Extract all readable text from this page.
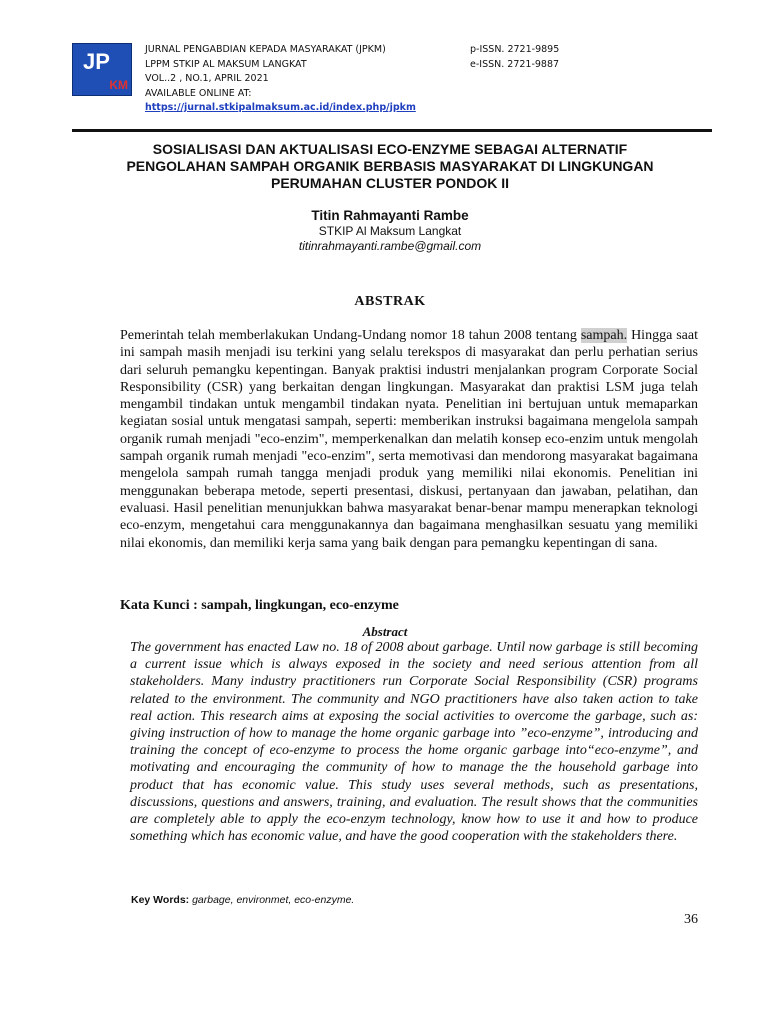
JP
KM
JURNAL PENGABDIAN KEPADA MASYARAKAT (JPKM)
LPPM STKIP AL MAKSUM LANGKAT
VOL..2 , NO.1, APRIL 2021
AVAILABLE ONLINE AT:
https://jurnal.stkipalmaksum.ac.id/index.php/jpkm
p-ISSN. 2721-9895
e-ISSN. 2721-9887
SOSIALISASI DAN AKTUALISASI ECO-ENZYME SEBAGAI ALTERNATIF
PENGOLAHAN SAMPAH ORGANIK BERBASIS MASYARAKAT DI LINGKUNGAN
PERUMAHAN CLUSTER PONDOK II
Titin Rahmayanti Rambe
STKIP Al Maksum Langkat
titinrahmayanti.rambe@gmail.com
ABSTRAK
Pemerintah telah memberlakukan Undang-Undang nomor 18 tahun 2008 tentang sampah. Hingga saat ini sampah masih menjadi isu terkini yang selalu terekspos di masyarakat dan perlu perhatian serius dari seluruh pemangku kepentingan. Banyak praktisi industri menjalankan program Corporate Social Responsibility (CSR) yang berkaitan dengan lingkungan. Masyarakat dan praktisi LSM juga telah mengambil tindakan untuk mengambil tindakan nyata. Penelitian ini bertujuan untuk memaparkan kegiatan sosial untuk mengatasi sampah, seperti: memberikan instruksi bagaimana mengelola sampah organik rumah menjadi "eco-enzim", memperkenalkan dan melatih konsep eco-enzim untuk mengolah sampah organik rumah menjadi "eco-enzim", serta memotivasi dan mendorong masyarakat bagaimana mengelola sampah rumah tangga menjadi produk yang memiliki nilai ekonomis. Penelitian ini menggunakan beberapa metode, seperti presentasi, diskusi, pertanyaan dan jawaban, pelatihan, dan evaluasi. Hasil penelitian menunjukkan bahwa masyarakat benar-benar mampu menerapkan teknologi eco-enzym, mengetahui cara menggunakannya dan bagaimana menghasilkan sesuatu yang memiliki nilai ekonomis, dan memiliki kerja sama yang baik dengan para pemangku kepentingan di sana.
Kata Kunci : sampah, lingkungan, eco-enzyme
Abstract
The government has enacted Law no. 18 of 2008 about garbage. Until now garbage is still becoming a current issue which is always exposed in the society and need serious attention from all stakeholders. Many industry practitioners run Corporate Social Responsibility (CSR) programs related to the environment. The community and NGO practitioners have also taken action to take real action. This research aims at exposing the social activities to overcome the garbage, such as: giving instruction of how to manage the home organic garbage into ”eco-enzyme”, introducing and training the concept of eco-enzyme to process the home organic garbage into“eco-enzyme”, and motivating and encouraging the community of how to manage the the household garbage into product that has economic value. This study uses several methods, such as presentations, discussions, questions and answers, training, and evaluation. The result shows that the communities are completely able to apply the eco-enzym technology, know how to use it and how to produce something which has economic value, and have the good cooperation with the stakeholders there.
Key Words: garbage, environmet, eco-enzyme.
36
